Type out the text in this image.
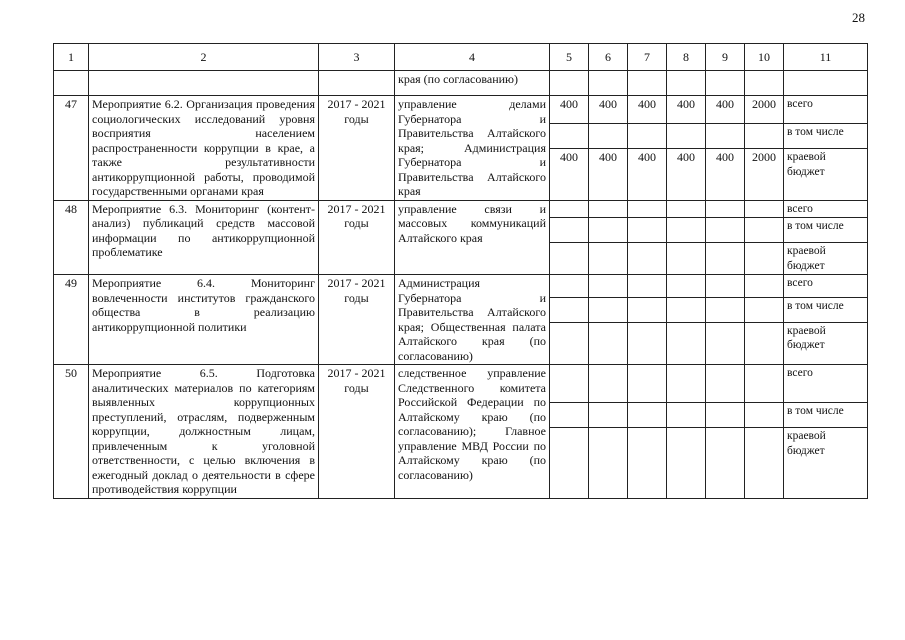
28
1	2	3	4	5	6	7	8	9	10	11
			края (по согласованию)							
47	Мероприятие 6.2. Организация проведения социологических исследований уровня восприятия населением распространенности коррупции в крае, а также результативности антикоррупционной работы, проводимой государственными органами края	2017 - 2021 годы	управление делами Губернатора и Правительства Алтайского края; Администрация Губернатора и Правительства Алтайского края	400	400	400	400	400	2000	всего
										в том числе
				400	400	400	400	400	2000	краевой бюджет
48	Мероприятие 6.3. Мониторинг (контент-анализ) публикаций средств массовой информации по антикоррупционной проблематике	2017 - 2021 годы	управление связи и массовых коммуникаций Алтайского края							всего
										в том числе
										краевой бюджет
49	Мероприятие 6.4. Мониторинг вовлеченности институтов гражданского общества в реализацию антикоррупционной политики	2017 - 2021 годы	Администрация Губернатора и Правительства Алтайского края; Общественная палата Алтайского края (по согласованию)							всего
										в том числе
										краевой бюджет
50	Мероприятие 6.5. Подготовка аналитических материалов по категориям выявленных коррупционных преступлений, отраслям, подверженным коррупции, должностным лицам, привлеченным к уголовной ответственности, с целью включения в ежегодный доклад о деятельности в сфере противодействия коррупции	2017 - 2021 годы	следственное управление Следственного комитета Российской Федерации по Алтайскому краю (по согласованию); Главное управление МВД России по Алтайскому краю (по согласованию)							всего
										в том числе
										краевой бюджет
